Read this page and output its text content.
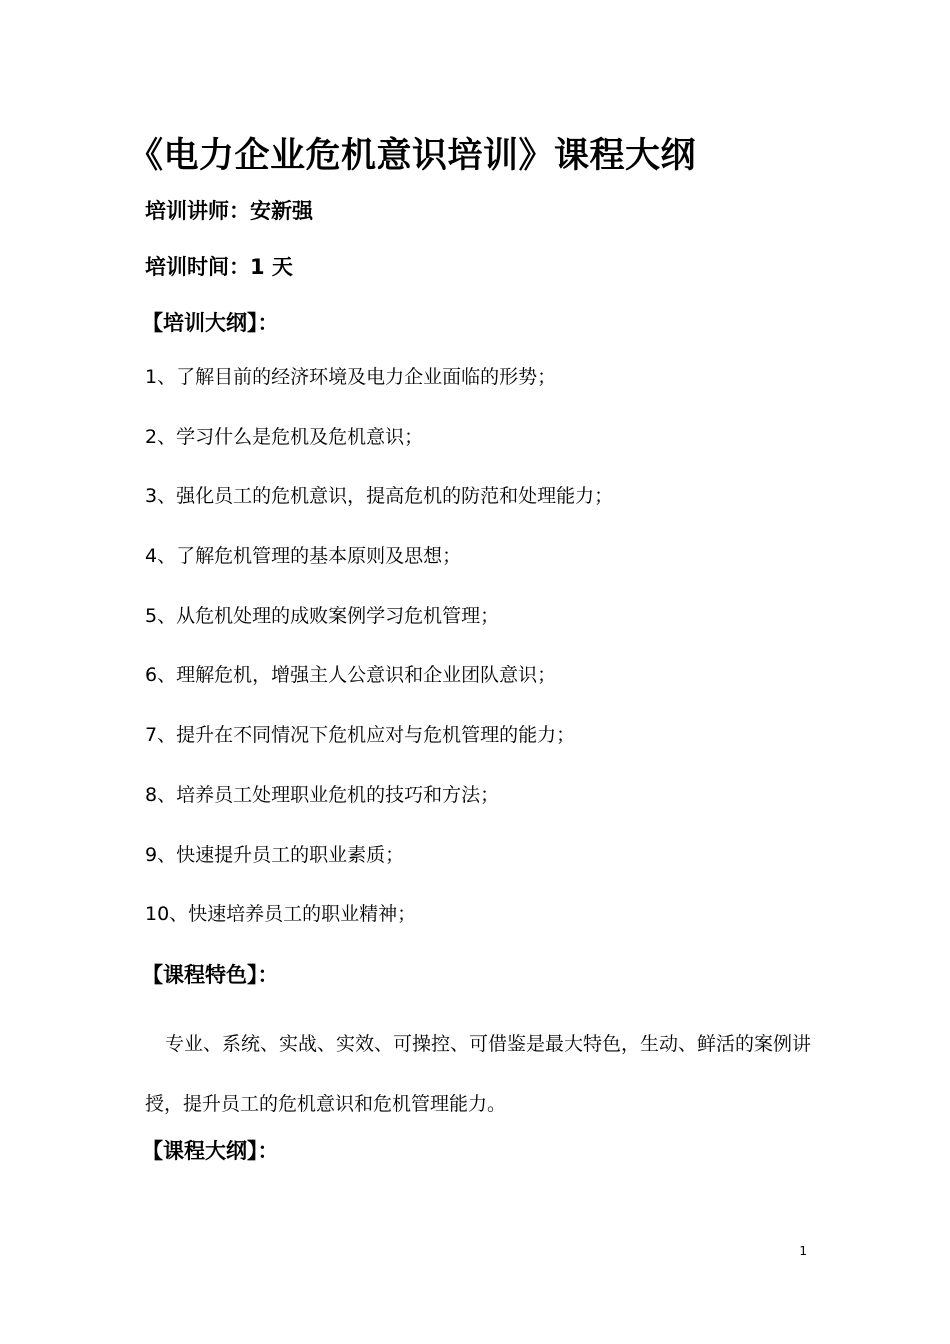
《电力企业危机意识培训》课程大纲
培训讲师：安新强
培训时间：1 天
【培训大纲】：
1、了解目前的经济环境及电力企业面临的形势；
2、学习什么是危机及危机意识；
3、强化员工的危机意识，提高危机的防范和处理能力；
4、了解危机管理的基本原则及思想；
5、从危机处理的成败案例学习危机管理；
6、理解危机，增强主人公意识和企业团队意识；
7、提升在不同情况下危机应对与危机管理的能力；
8、培养员工处理职业危机的技巧和方法；
9、快速提升员工的职业素质；
10、快速培养员工的职业精神；
【课程特色】：

专业、系统、实战、实效、可操控、可借鉴是最大特色，生动、鲜活的案例讲授，提升员工的危机意识和危机管理能力。

【课程大纲】：
1
